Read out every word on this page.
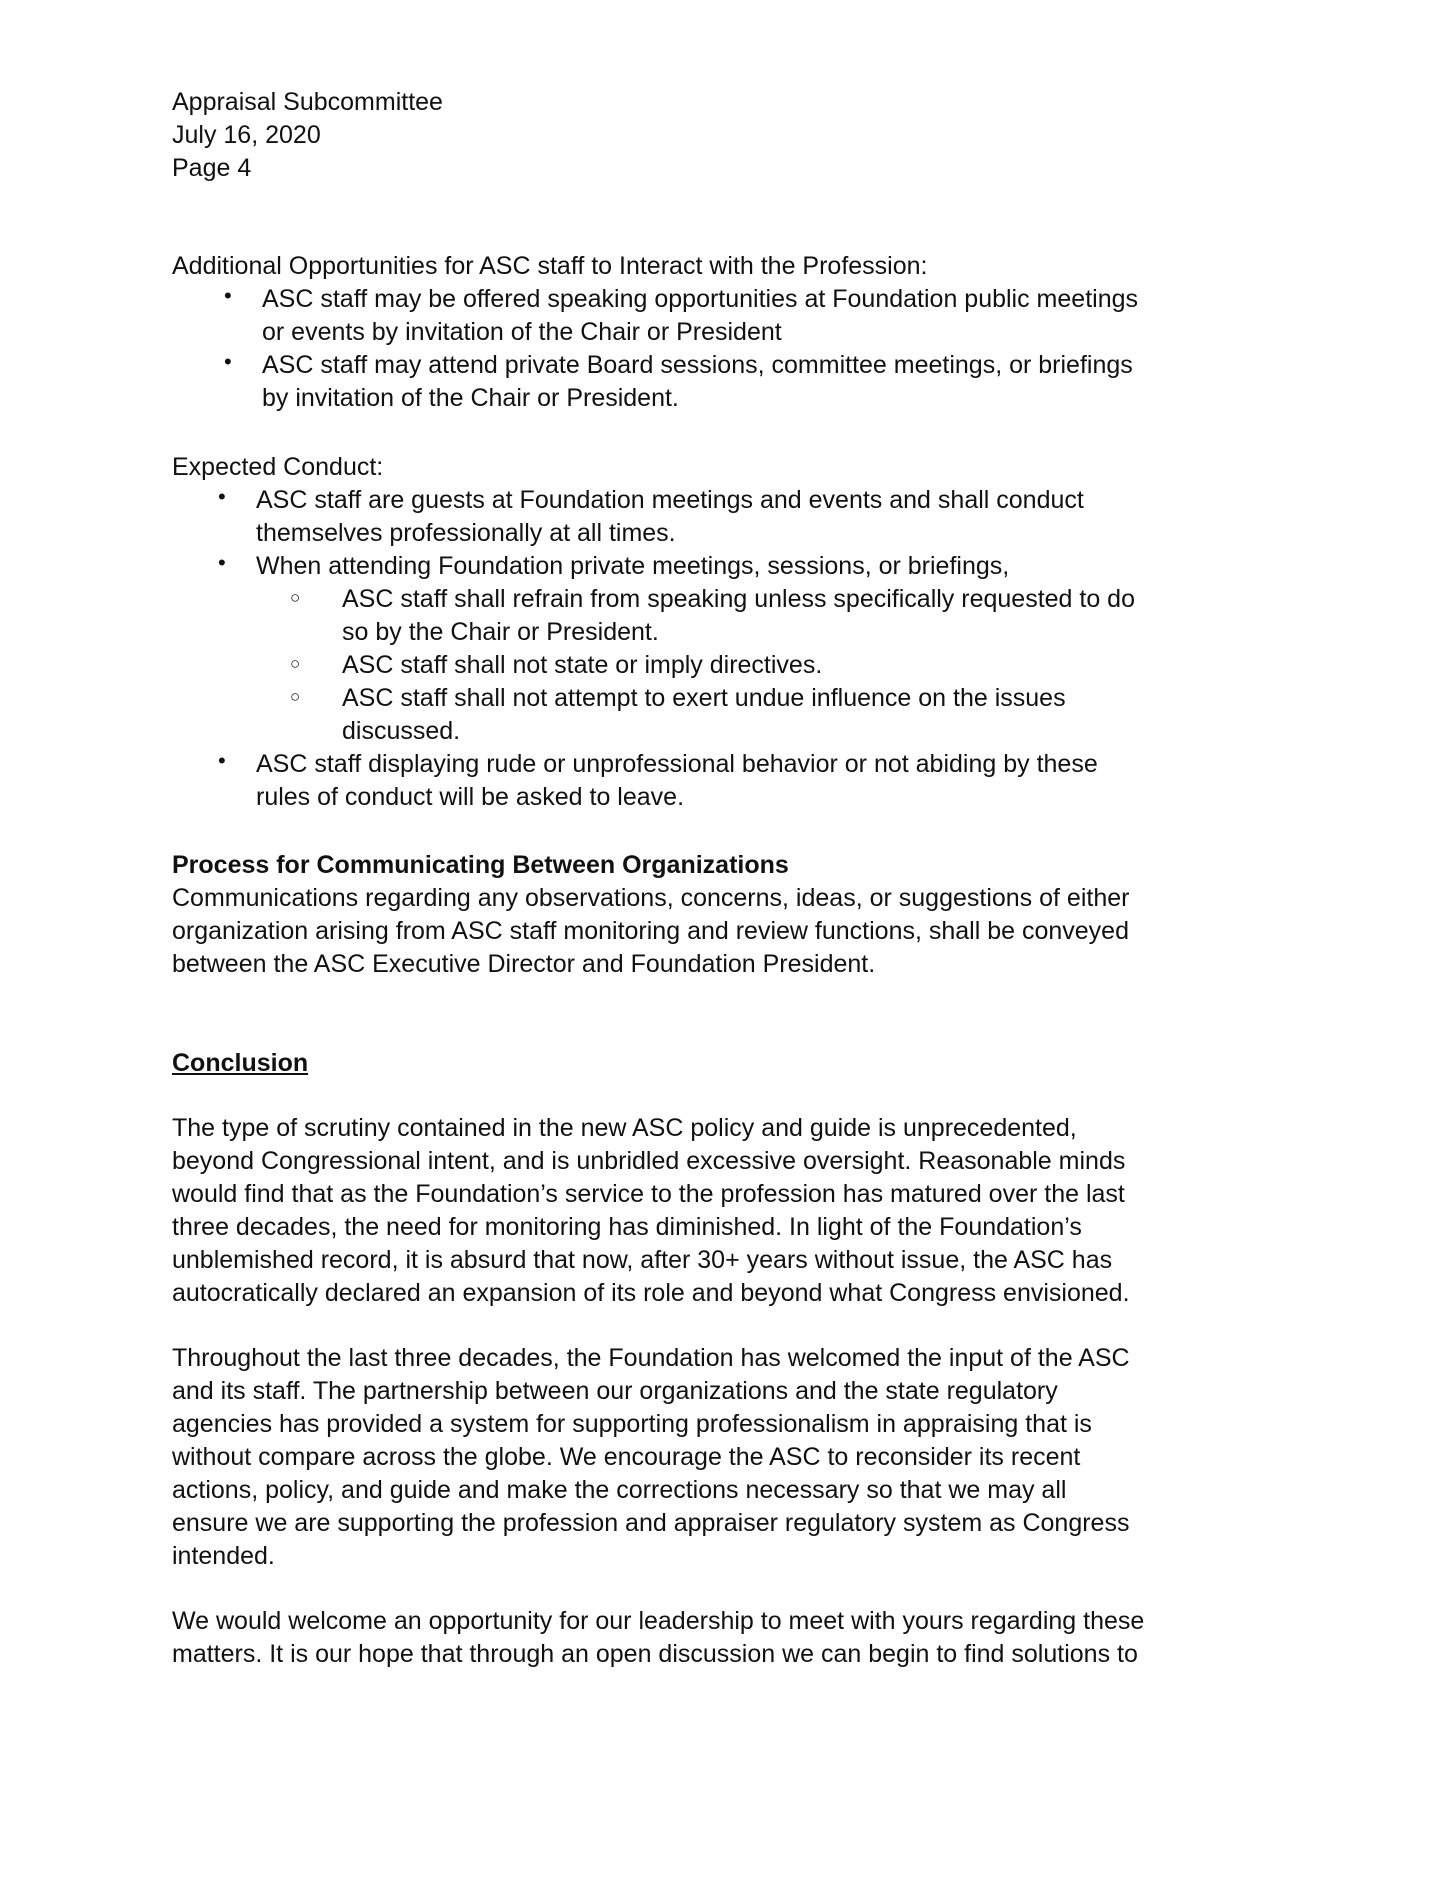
Appraisal Subcommittee
July 16, 2020
Page 4
Additional Opportunities for ASC staff to Interact with the Profession:
• ASC staff may be offered speaking opportunities at Foundation public meetings
or events by invitation of the Chair or President
• ASC staff may attend private Board sessions, committee meetings, or briefings
by invitation of the Chair or President.
Expected Conduct:
• ASC staff are guests at Foundation meetings and events and shall conduct
themselves professionally at all times.
• When attending Foundation private meetings, sessions, or briefings,
○ ASC staff shall refrain from speaking unless specifically requested to do
so by the Chair or President.
○ ASC staff shall not state or imply directives.
○ ASC staff shall not attempt to exert undue influence on the issues
discussed.
• ASC staff displaying rude or unprofessional behavior or not abiding by these
rules of conduct will be asked to leave.
Process for Communicating Between Organizations
Communications regarding any observations, concerns, ideas, or suggestions of either
organization arising from ASC staff monitoring and review functions, shall be conveyed
between the ASC Executive Director and Foundation President.
Conclusion
The type of scrutiny contained in the new ASC policy and guide is unprecedented,
beyond Congressional intent, and is unbridled excessive oversight. Reasonable minds
would find that as the Foundation’s service to the profession has matured over the last
three decades, the need for monitoring has diminished. In light of the Foundation’s
unblemished record, it is absurd that now, after 30+ years without issue, the ASC has
autocratically declared an expansion of its role and beyond what Congress envisioned.
Throughout the last three decades, the Foundation has welcomed the input of the ASC
and its staff. The partnership between our organizations and the state regulatory
agencies has provided a system for supporting professionalism in appraising that is
without compare across the globe. We encourage the ASC to reconsider its recent
actions, policy, and guide and make the corrections necessary so that we may all
ensure we are supporting the profession and appraiser regulatory system as Congress
intended.
We would welcome an opportunity for our leadership to meet with yours regarding these
matters. It is our hope that through an open discussion we can begin to find solutions to
